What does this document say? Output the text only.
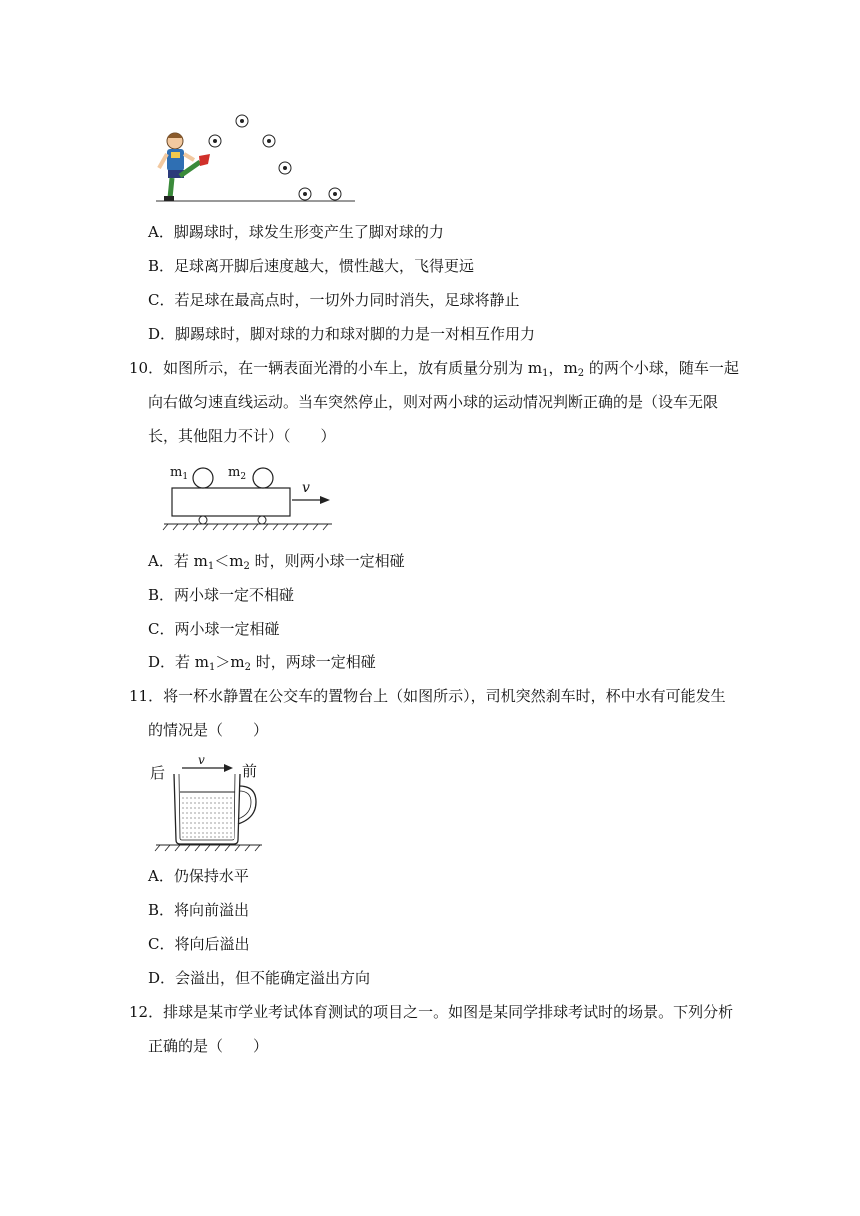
A．脚踢球时，球发生形变产生了脚对球的力
B．足球离开脚后速度越大，惯性越大，飞得更远
C．若足球在最高点时，一切外力同时消失，足球将静止
D．脚踢球时，脚对球的力和球对脚的力是一对相互作用力
10．如图所示，在一辆表面光滑的小车上，放有质量分别为 $m_1$，$m_2$ 的两个小球，随车一起
向右做匀速直线运动。当车突然停止，则对两小球的运动情况判断正确的是（设车无限
长，其他阻力不计）（　　）
$m_1$	$m_2$
v
A．若 $m_1<m_2$ 时，则两小球一定相碰
B．两小球一定不相碰
C．两小球一定相碰
D．若 $m_1>m_2$ 时，两球一定相碰
11．将一杯水静置在公交车的置物台上（如图所示），司机突然刹车时，杯中水有可能发生
的情况是（　　）
后	前
v
A．仍保持水平
B．将向前溢出
C．将向后溢出
D．会溢出，但不能确定溢出方向
12．排球是某市学业考试体育测试的项目之一。如图是某同学排球考试时的场景。下列分析
正确的是（　　）
